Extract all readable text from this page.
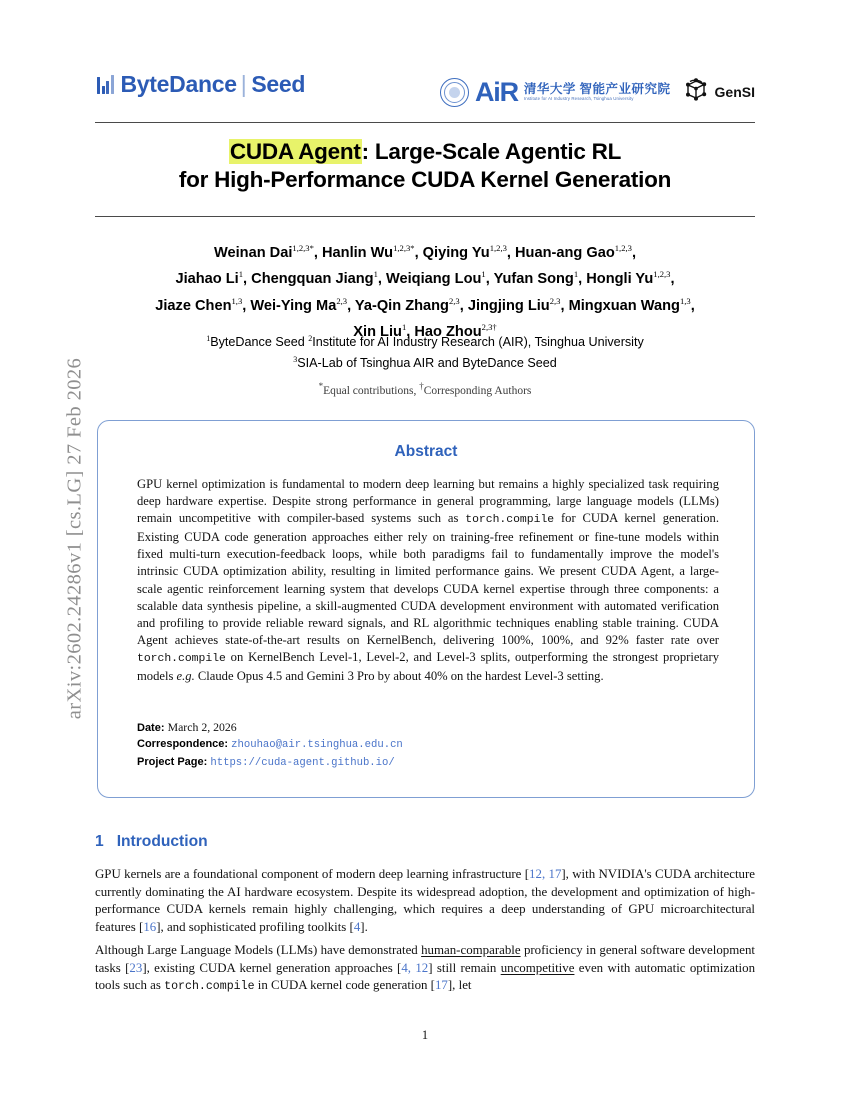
arXiv:2602.24286v1 [cs.LG] 27 Feb 2026
ByteDance | Seed	AiR 清华大学 智能产业研究院
Institute for AI Industry Research, Tsinghua University	GenSI
CUDA Agent: Large-Scale Agentic RL
for High-Performance CUDA Kernel Generation
Weinan Dai$^{1,2,3*}$, Hanlin $Wu^{1,2,3*}$, Qiying Yu$^{1,2,3}$, Huan-ang Gao$^{1,2,3}$,
Jiahao Li$^1$, Chengquan Jiang$^1$, Weiqiang Lou$^1$, Yufan Song$^1$, Hongli Yu$^{1,2,3}$,
Jiaze Chen$^{1,3}$, Wei-Ying Ma$^{2,3}$, Ya-Qin Zhang$^{2,3}$, Jingjing Liu$^{2,3}$, Mingxuan Wang$^{1,3}$,
Xin Liu$^1$, Hao Zhou$^{2,3\dagger}$
$^1$ByteDance Seed $^2$Institute for AI Industry Research (AIR), Tsinghua University
$^3$SIA-Lab of Tsinghua AIR and ByteDance Seed
*Equal contributions, †Corresponding Authors
Abstract
GPU kernel optimization is fundamental to modern deep learning but remains a highly specialized task requiring deep hardware expertise. Despite strong performance in general programming, large language models (LLMs) remain uncompetitive with compiler-based systems such as torch.compile for CUDA kernel generation. Existing CUDA code generation approaches either rely on training-free refinement or fine-tune models within fixed multi-turn execution-feedback loops, while both paradigms fail to fundamentally improve the model's intrinsic CUDA optimization ability, resulting in limited performance gains. We present CUDA Agent, a large-scale agentic reinforcement learning system that develops CUDA kernel expertise through three components: a scalable data synthesis pipeline, a skill-augmented CUDA development environment with automated verification and profiling to provide reliable reward signals, and RL algorithmic techniques enabling stable training. CUDA Agent achieves state-of-the-art results on KernelBench, delivering 100%, 100%, and 92% faster rate over torch.compile on KernelBench Level-1, Level-2, and Level-3 splits, outperforming the strongest proprietary models e.g. Claude Opus 4.5 and Gemini 3 Pro by about 40% on the hardest Level-3 setting.
Date: March 2, 2026
Correspondence: zhouhao@air.tsinghua.edu.cn
Project Page: https://cuda-agent.github.io/
1 Introduction
GPU kernels are a foundational component of modern deep learning infrastructure [12, 17], with NVIDIA's CUDA architecture currently dominating the AI hardware ecosystem. Despite its widespread adoption, the development and optimization of high-performance CUDA kernels remain highly challenging, which requires a deep understanding of GPU microarchitectural features [16], and sophisticated profiling toolkits [4].
Although Large Language Models (LLMs) have demonstrated human-comparable proficiency in general software development tasks [23], existing CUDA kernel generation approaches [4, 12] still remain uncompetitive even with automatic optimization tools such as torch.compile in CUDA kernel code generation [17], let
1
